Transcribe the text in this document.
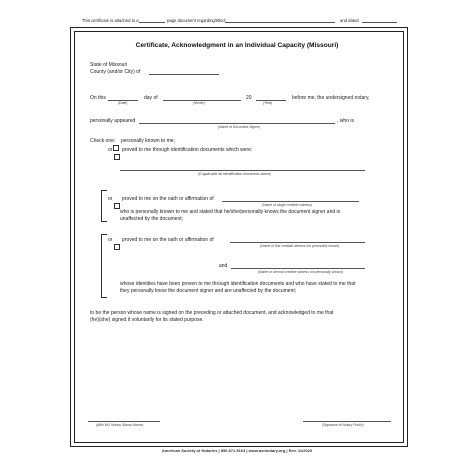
This certificate is attached to a	page document regarding/titled:	and dated
Certificate, Acknowledgment in an Individual Capacity (Missouri)
State of Missouri
County (and/or City) of
On this
(Date)
day of
(Month)
20
(Year)
before me, the undersigned notary,
personally appeared
(Name of Document Signer)
, who is
Check one: personally known to me;
or proved to me through identification documents which were:
(If applicable list identification documents above)
or proved to me on the oath or affirmation of
(Name of single credible witness)
who is personally known to me and stated that he/she/personally knows the document signer and is
unaffected by the document;
or proved to me on the oath or affirmation of
(Name of first credible witness not personally known)
and
(Name of second credible witness not personally known)
whose identities have been proven to me through identification documents and who have stated to me that
they personally know the document signer and are unaffected by the document;
to be the person whose name is signed on the preceding or attached document, and acknowledged to me that
(he)(she) signed it voluntarily for its stated purpose.
(Affix MO Notary Stamp Above)	(Signature of Notary Public)
American Society of Notaries | 850.671.5164 | www.asnnotary.org | Rev. 11/2020
